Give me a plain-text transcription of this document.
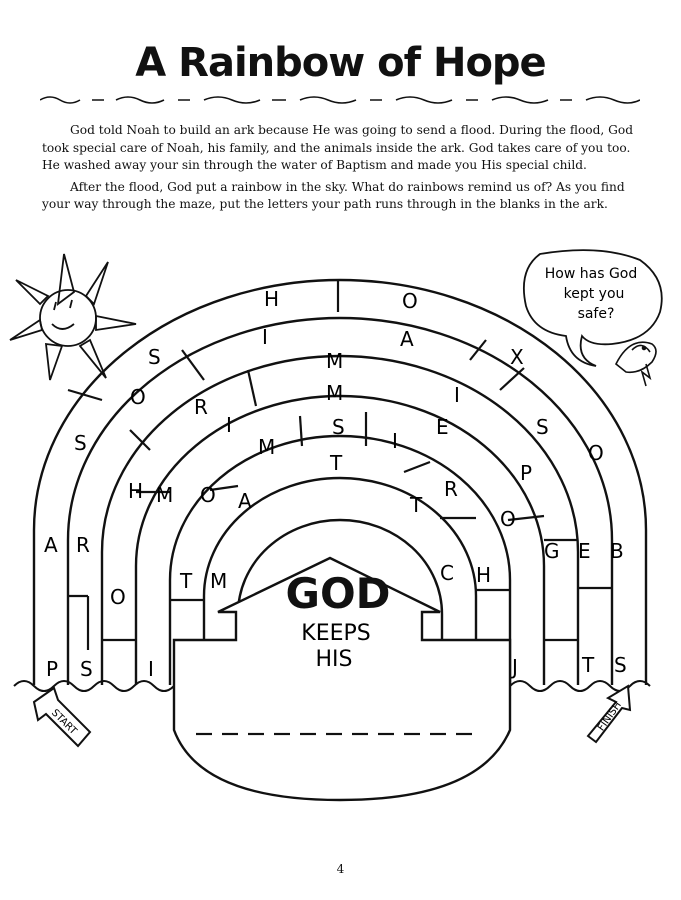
A Rainbow of Hope

God told Noah to build an ark because He was going to send a flood. During the flood, God took special care of Noah, his family, and the animals inside the ark. God takes care of you too. He washed away your sin through the water of Baptism and made you His special child.

After the flood, God put a rainbow in the sky. What do rainbows remind us of? As you find your way through the maze, put the letters your path runs through in the blanks in the ark.

How has God
kept you
safe?
H	O
I	A
S	M	X
M
O R	I
S
S
I
M
S
E
O
T
I
H M O A
P
R
T
O
A R	G E B
O
T M	C H
P S	I	J	T S
GOD
KEEPS
HIS
START	FINISH
4
